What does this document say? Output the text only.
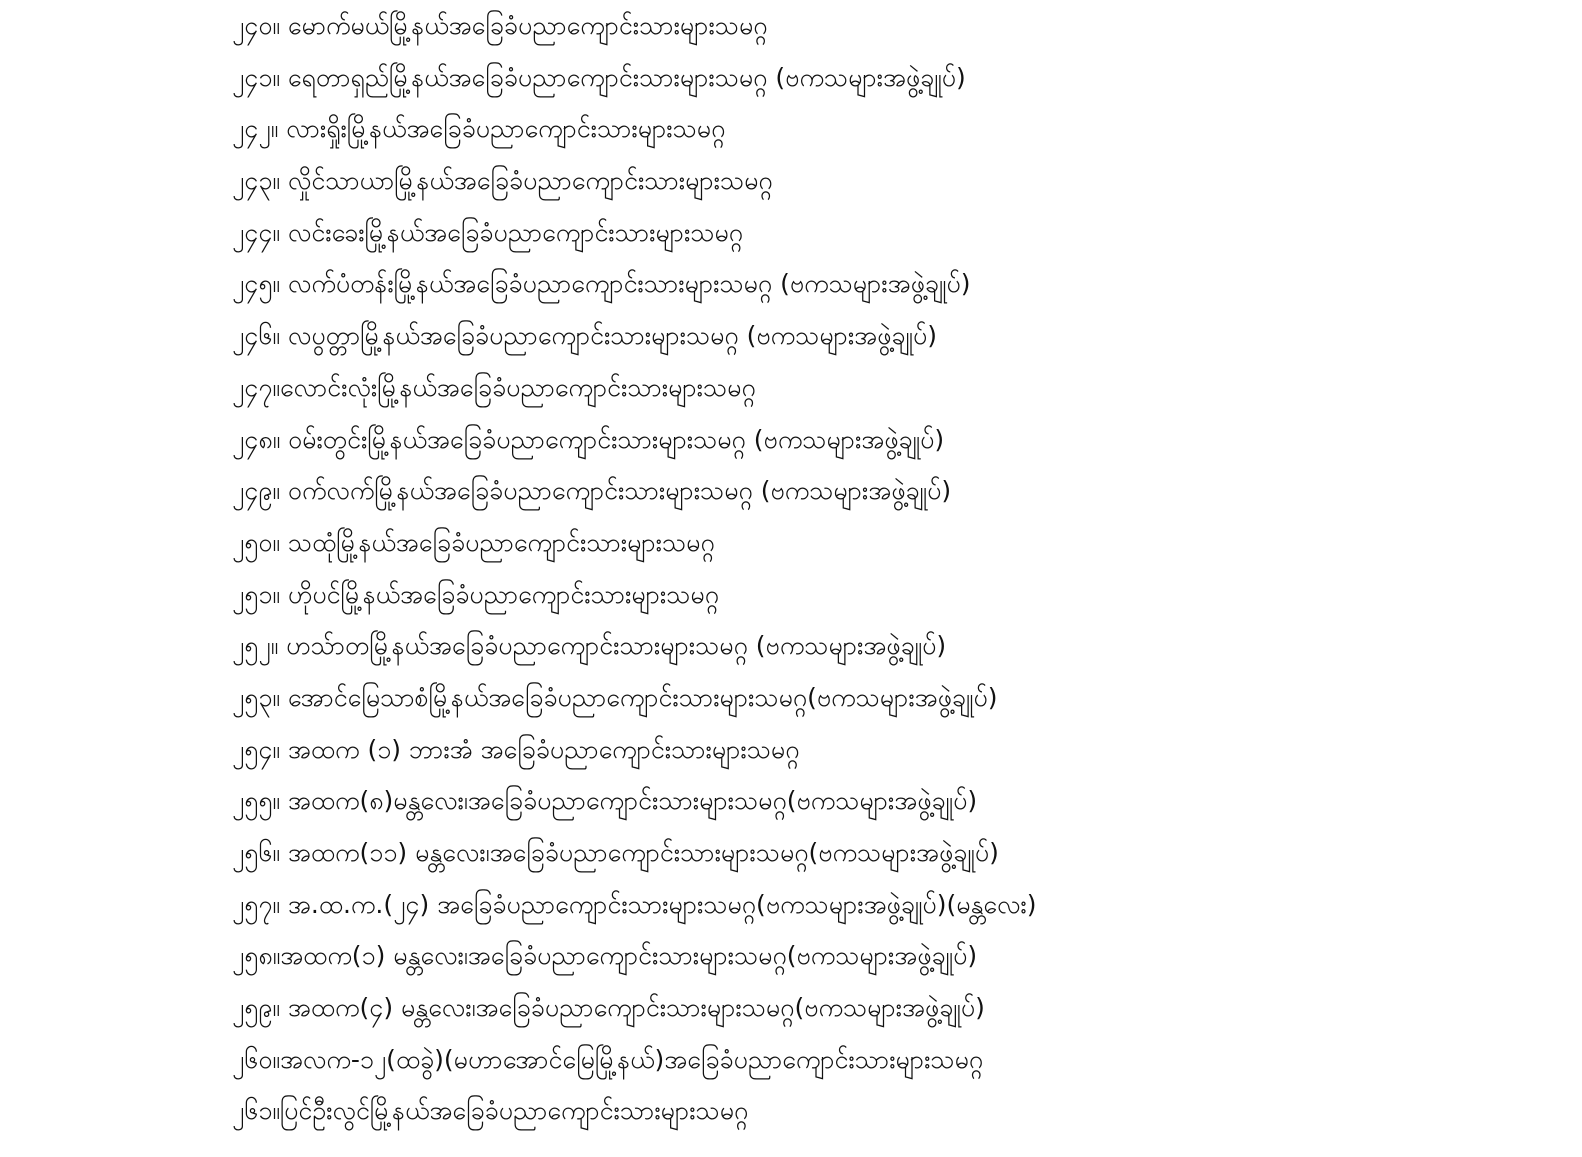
၂၄၀။ မောက်မယ်မြို့နယ်အခြေခံပညာကျောင်းသားများသမဂ္ဂ
၂၄၁။ ရေတာရှည်မြို့နယ်အခြေခံပညာကျောင်းသားများသမဂ္ဂ (ဗကသများအဖွဲ့ချုပ်)
၂၄၂။ လားရှိုးမြို့နယ်အခြေခံပညာကျောင်းသားများသမဂ္ဂ
၂၄၃။ လှိုင်သာယာမြို့နယ်အခြေခံပညာကျောင်းသားများသမဂ္ဂ
၂၄၄။ လင်းခေးမြို့နယ်အခြေခံပညာကျောင်းသားများသမဂ္ဂ
၂၄၅။ လက်ပံတန်းမြို့နယ်အခြေခံပညာကျောင်းသားများသမဂ္ဂ (ဗကသများအဖွဲ့ချုပ်)
၂၄၆။ လပွတ္တာမြို့နယ်အခြေခံပညာကျောင်းသားများသမဂ္ဂ (ဗကသများအဖွဲ့ချုပ်)
၂၄၇။လောင်းလုံးမြို့နယ်အခြေခံပညာကျောင်းသားများသမဂ္ဂ
၂၄၈။ ဝမ်းတွင်းမြို့နယ်အခြေခံပညာကျောင်းသားများသမဂ္ဂ (ဗကသများအဖွဲ့ချုပ်)
၂၄၉။ ဝက်လက်မြို့နယ်အခြေခံပညာကျောင်းသားများသမဂ္ဂ (ဗကသများအဖွဲ့ချုပ်)
၂၅၀။ သထုံမြို့နယ်အခြေခံပညာကျောင်းသားများသမဂ္ဂ
၂၅၁။ ဟိုပင်မြို့နယ်အခြေခံပညာကျောင်းသားများသမဂ္ဂ
၂၅၂။ ဟသ်ာတမြို့နယ်အခြေခံပညာကျောင်းသားများသမဂ္ဂ (ဗကသများအဖွဲ့ချုပ်)
၂၅၃။ အောင်မြေသာစံမြို့နယ်အခြေခံပညာကျောင်းသားများသမဂ္ဂ(ဗကသများအဖွဲ့ချုပ်)
၂၅၄။ အထက (၁) ဘားအံ အခြေခံပညာကျောင်းသားများသမဂ္ဂ
၂၅၅။ အထက(၈)မန္တလေး၊အခြေခံပညာကျောင်းသားများသမဂ္ဂ(ဗကသများအဖွဲ့ချုပ်)
၂၅၆။ အထက(၁၁) မန္တလေး၊အခြေခံပညာကျောင်းသားများသမဂ္ဂ(ဗကသများအဖွဲ့ချုပ်)
၂၅၇။ အ.ထ.က.(၂၄) အခြေခံပညာကျောင်းသားများသမဂ္ဂ(ဗကသများအဖွဲ့ချုပ်)(မန္တလေး)
၂၅၈။အထက(၁) မန္တလေး၊အခြေခံပညာကျောင်းသားများသမဂ္ဂ(ဗကသများအဖွဲ့ချုပ်)
၂၅၉။ အထက(၄) မန္တလေး၊အခြေခံပညာကျောင်းသားများသမဂ္ဂ(ဗကသများအဖွဲ့ချုပ်)
၂၆၀။အလက-၁၂(ထခွဲ)(မဟာအောင်မြေမြို့နယ်)အခြေခံပညာကျောင်းသားများသမဂ္ဂ
၂၆၁။ပြင်ဦးလွင်မြို့နယ်အခြေခံပညာကျောင်းသားများသမဂ္ဂ
